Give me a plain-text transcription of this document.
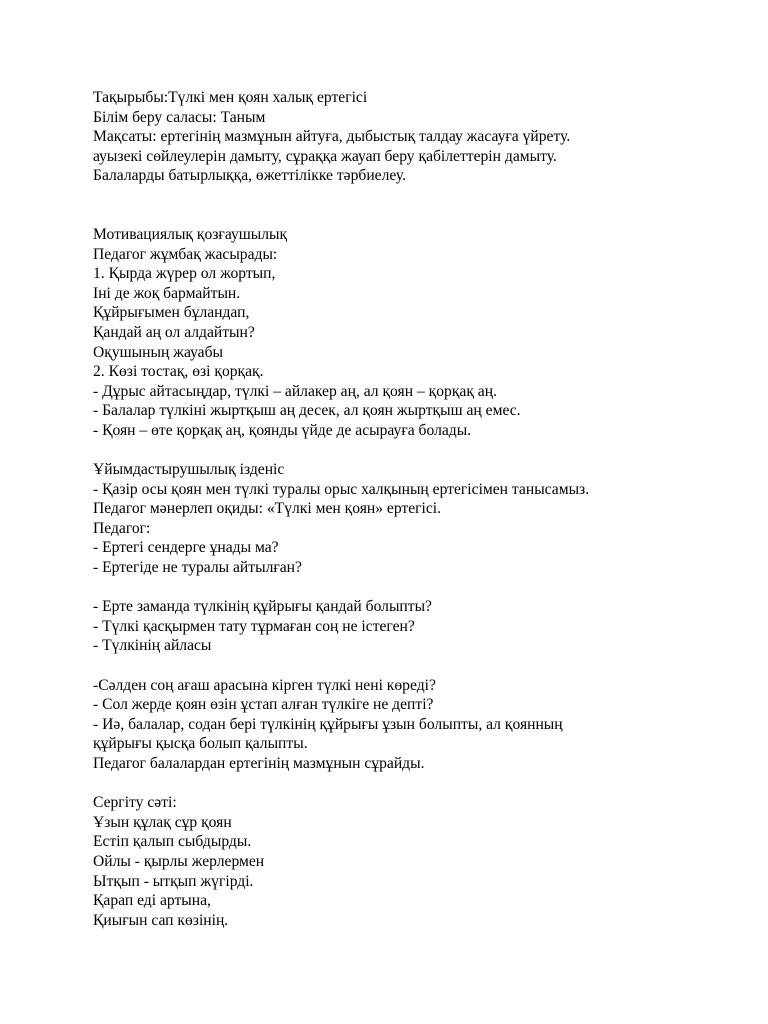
Тақырыбы:Түлкі мен қоян халық ертегісі

Білім беру саласы: Таным

Мақсаты: ертегінің мазмұнын айтуға, дыбыстық талдау жасауға үйрету.

ауызекі сөйлеулерін дамыту, сұраққа жауап беру қабілеттерін дамыту.

Балаларды батырлыққа, өжеттілікке тәрбиелеу.

Мотивациялық қозғаушылық

Педагог жұмбақ жасырады:

1. Қырда жүрер ол жортып,

Іні де жоқ бармайтын.

Құйрығымен бұландап,

Қандай аң ол алдайтын?

Оқушының жауабы

2. Көзі тостақ, өзі қорқақ.

- Дұрыс айтасыңдар, түлкі – айлакер аң, ал қоян – қорқақ аң.

- Балалар түлкіні жыртқыш аң десек, ал қоян жыртқыш аң емес.

- Қоян – өте қорқақ аң, қоянды үйде де асырауға болады.

Ұйымдастырушылық ізденіс

- Қазір осы қоян мен түлкі туралы орыс халқының ертегісімен танысамыз.

Педагог мәнерлеп оқиды: «Түлкі мен қоян» ертегісі.

Педагог:

- Ертегі сендерге ұнады ма?

- Ертегіде не туралы айтылған?

- Ерте заманда түлкінің құйрығы қандай болыпты?

- Түлкі қасқырмен тату тұрмаған соң не істеген?

- Түлкінің айласы

-Сәлден соң ағаш арасына кірген түлкі нені көреді?

- Сол жерде қоян өзін ұстап алған түлкіге не депті?

- Иә, балалар, содан бері түлкінің құйрығы ұзын болыпты, ал қоянның

құйрығы қысқа болып қалыпты.

Педагог балалардан ертегінің мазмұнын сұрайды.

Сергіту сәті:

Ұзын құлақ сұр қоян

Естіп қалып сыбдырды.

Ойлы - қырлы жерлермен

Ытқып - ытқып жүгірді.

Қарап еді артына,

Қиығын сап көзінің.
